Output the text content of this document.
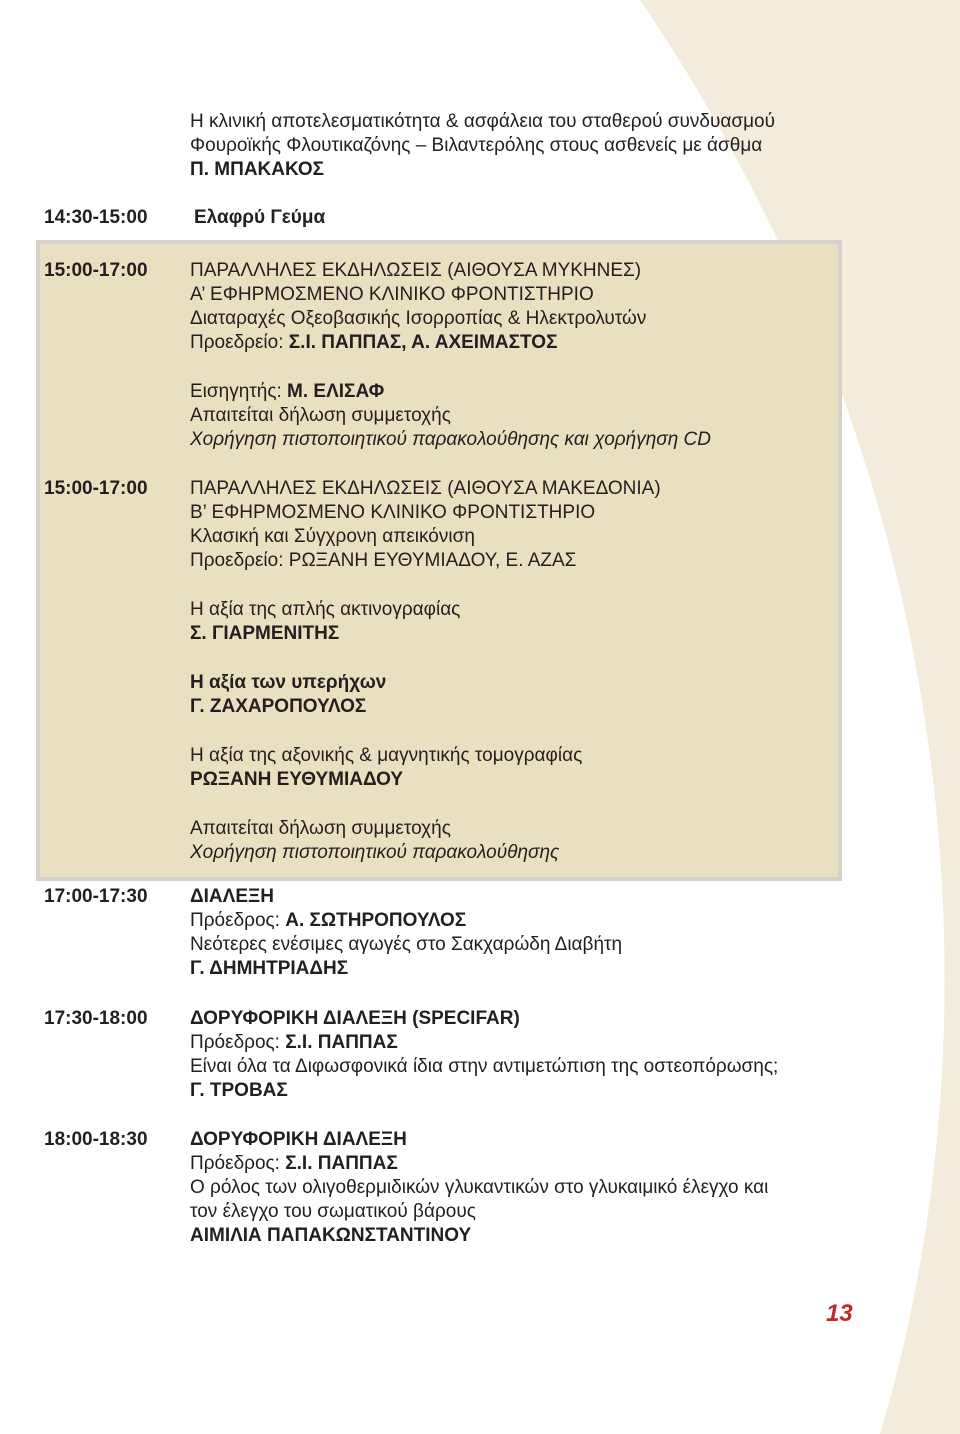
Η κλινική αποτελεσματικότητα & ασφάλεια του σταθερού συνδυασμού
Φουροϊκής Φλουτικαζόνης – Βιλαντερόλης στους ασθενείς με άσθμα
Π. ΜΠΑΚΑΚΟΣ
14:30-15:00 Ελαφρύ Γεύμα
15:00-17:00 ΠΑΡΑΛΛΗΛΕΣ ΕΚΔΗΛΩΣΕΙΣ (ΑΙΘΟΥΣΑ ΜΥΚΗΝΕΣ)
Α’ ΕΦΗΡΜΟΣΜΕΝΟ ΚΛΙΝΙΚΟ ΦΡΟΝΤΙΣΤΗΡΙΟ
Διαταραχές Οξεοβασικής Ισορροπίας & Ηλεκτρολυτών
Προεδρείο: Σ.Ι. ΠΑΠΠΑΣ, Α. ΑΧΕΙΜΑΣΤΟΣ
Εισηγητής: Μ. ΕΛΙΣΑΦ
Απαιτείται δήλωση συμμετοχής
Χορήγηση πιστοποιητικού παρακολούθησης και χορήγηση CD
15:00-17:00 ΠΑΡΑΛΛΗΛΕΣ ΕΚΔΗΛΩΣΕΙΣ (ΑΙΘΟΥΣΑ ΜΑΚΕΔΟΝΙΑ)
Β’ ΕΦΗΡΜΟΣΜΕΝΟ ΚΛΙΝΙΚΟ ΦΡΟΝΤΙΣΤΗΡΙΟ
Κλασική και Σύγχρονη απεικόνιση
Προεδρείο: ΡΩΞΑΝΗ ΕΥΘΥΜΙΑΔΟΥ, Ε. ΑΖΑΣ
Η αξία της απλής ακτινογραφίας
Σ. ΓΙΑΡΜΕΝΙΤΗΣ
Η αξία των υπερήχων
Γ. ΖΑΧΑΡΟΠΟΥΛΟΣ
Η αξία της αξονικής & μαγνητικής τομογραφίας
ΡΩΞΑΝΗ ΕΥΘΥΜΙΑΔΟΥ
Απαιτείται δήλωση συμμετοχής
Χορήγηση πιστοποιητικού παρακολούθησης
17:00-17:30 ΔΙΑΛΕΞΗ
Πρόεδρος: Α. ΣΩΤΗΡΟΠΟΥΛΟΣ
Νεότερες ενέσιμες αγωγές στο Σακχαρώδη Διαβήτη
Γ. ΔΗΜΗΤΡΙΑΔΗΣ
17:30-18:00 ΔΟΡΥΦΟΡΙΚΗ ΔΙΑΛΕΞΗ (SPECIFAR)
Πρόεδρος: Σ.Ι. ΠΑΠΠΑΣ
Είναι όλα τα Διφωσφονικά ίδια στην αντιμετώπιση της οστεοπόρωσης;
Γ. ΤΡΟΒΑΣ
18:00-18:30 ΔΟΡΥΦΟΡΙΚΗ ΔΙΑΛΕΞΗ
Πρόεδρος: Σ.Ι. ΠΑΠΠΑΣ
Ο ρόλος των ολιγοθερμιδικών γλυκαντικών στο γλυκαιμικό έλεγχο και
τον έλεγχο του σωματικού βάρους
ΑΙΜΙΛΙΑ ΠΑΠΑΚΩΝΣΤΑΝΤΙΝΟΥ
13
